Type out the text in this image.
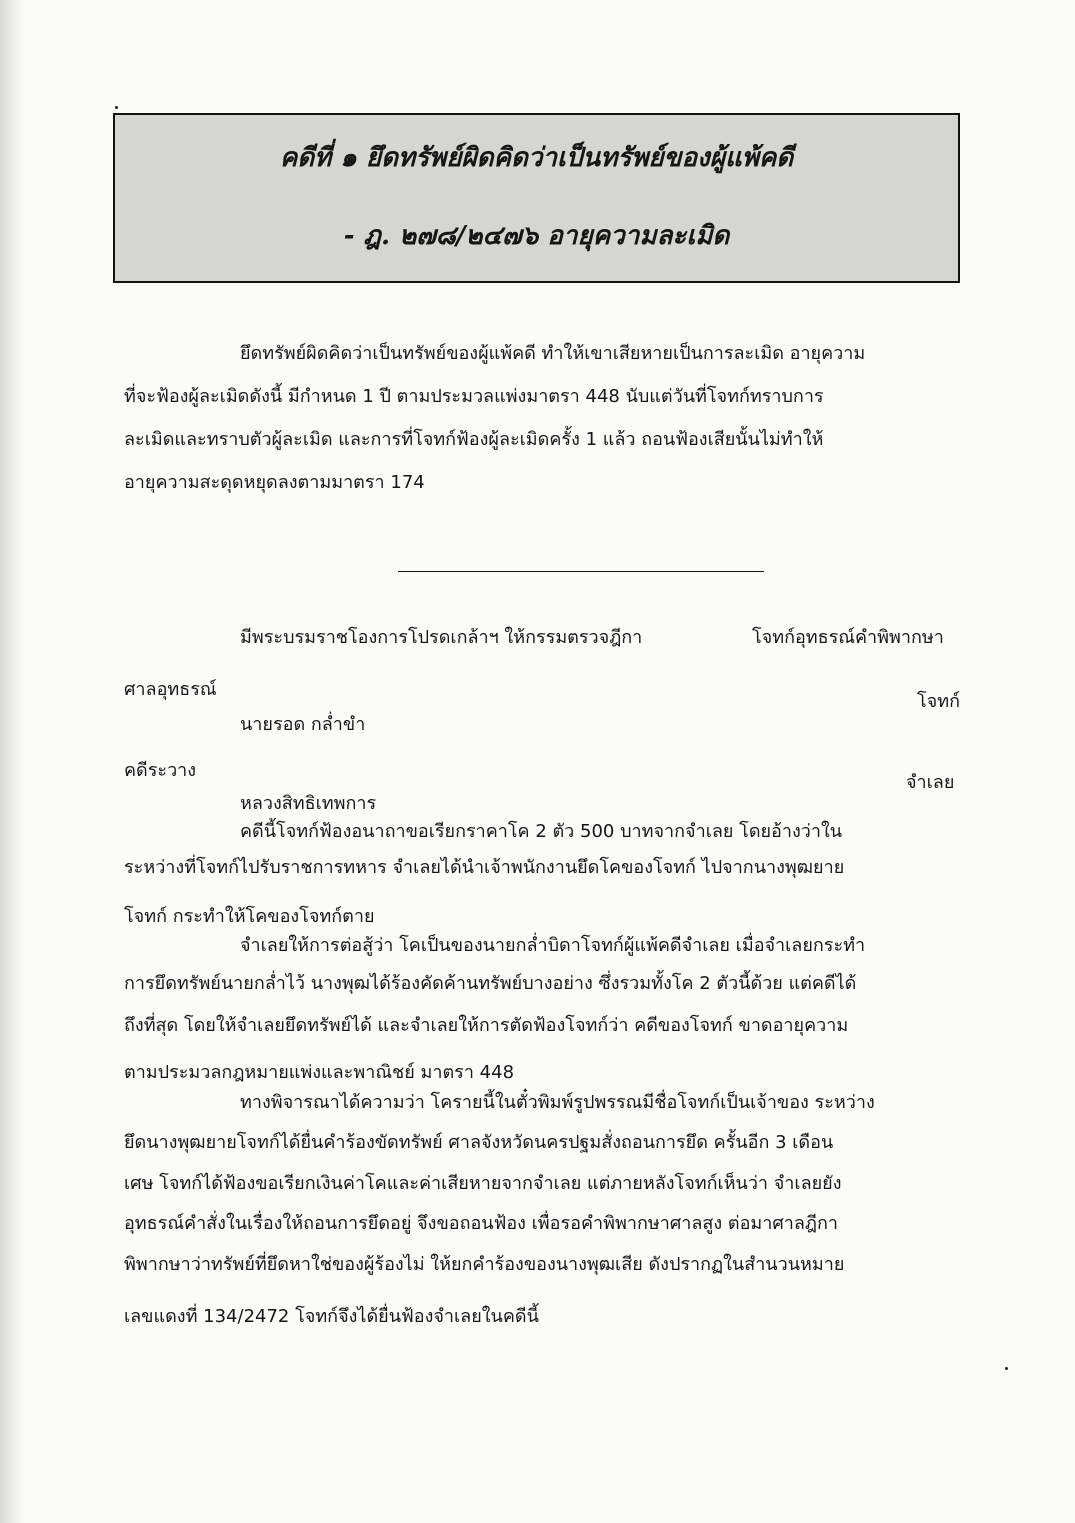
คดีที่ ๑ ยึดทรัพย์ผิดคิดว่าเป็นทรัพย์ของผู้แพ้คดี
- ฎ. ๒๗๘/๒๔๗๖ อายุความละเมิด
ยึดทรัพย์ผิดคิดว่าเป็นทรัพย์ของผู้แพ้คดี ทำให้เขาเสียหายเป็นการละเมิด อายุความ
ที่จะฟ้องผู้ละเมิดดังนี้ มีกำหนด 1 ปี ตามประมวลแพ่งมาตรา 448 นับแต่วันที่โจทก์ทราบการ
ละเมิดและทราบตัวผู้ละเมิด และการที่โจทก์ฟ้องผู้ละเมิดครั้ง 1 แล้ว ถอนฟ้องเสียนั้นไม่ทำให้
อายุความสะดุดหยุดลงตามมาตรา 174
มีพระบรมราชโองการโปรดเกล้าฯ ให้กรรมตรวจฎีกา	โจทก์อุทธรณ์คำพิพากษา
ศาลอุทธรณ์
โจทก์
นายรอด กล่ำขำ
คดีระวาง
จำเลย
หลวงสิทธิเทพการ
คดีนี้โจทก์ฟ้องอนาถาขอเรียกราคาโค 2 ตัว 500 บาทจากจำเลย โดยอ้างว่าใน
ระหว่างที่โจทก์ไปรับราชการทหาร จำเลยได้นำเจ้าพนักงานยึดโคของโจทก์ ไปจากนางพุฒยาย
โจทก์ กระทำให้โคของโจทก์ตาย
จำเลยให้การต่อสู้ว่า โคเป็นของนายกล่ำบิดาโจทก์ผู้แพ้คดีจำเลย เมื่อจำเลยกระทำ
การยึดทรัพย์นายกล่ำไว้ นางพุฒได้ร้องคัดค้านทรัพย์บางอย่าง ซึ่งรวมทั้งโค 2 ตัวนี้ด้วย แต่คดีได้
ถึงที่สุด โดยให้จำเลยยึดทรัพย์ได้ และจำเลยให้การตัดฟ้องโจทก์ว่า คดีของโจทก์ ขาดอายุความ
ตามประมวลกฎหมายแพ่งและพาณิชย์ มาตรา 448
ทางพิจารณาได้ความว่า โครายนี้ในตั๋วพิมพ์รูปพรรณมีชื่อโจทก์เป็นเจ้าของ ระหว่าง
ยึดนางพุฒยายโจทก์ได้ยื่นคำร้องขัดทรัพย์ ศาลจังหวัดนครปฐมสั่งถอนการยึด ครั้นอีก 3 เดือน
เศษ โจทก์ได้ฟ้องขอเรียกเงินค่าโคและค่าเสียหายจากจำเลย แต่ภายหลังโจทก์เห็นว่า จำเลยยัง
อุทธรณ์คำสั่งในเรื่องให้ถอนการยึดอยู่ จึงขอถอนฟ้อง เพื่อรอคำพิพากษาศาลสูง ต่อมาศาลฎีกา
พิพากษาว่าทรัพย์ที่ยึดหาใช่ของผู้ร้องไม่ ให้ยกคำร้องของนางพุฒเสีย ดังปรากฏในสำนวนหมาย
เลขแดงที่ 134/2472 โจทก์จึงได้ยื่นฟ้องจำเลยในคดีนี้
